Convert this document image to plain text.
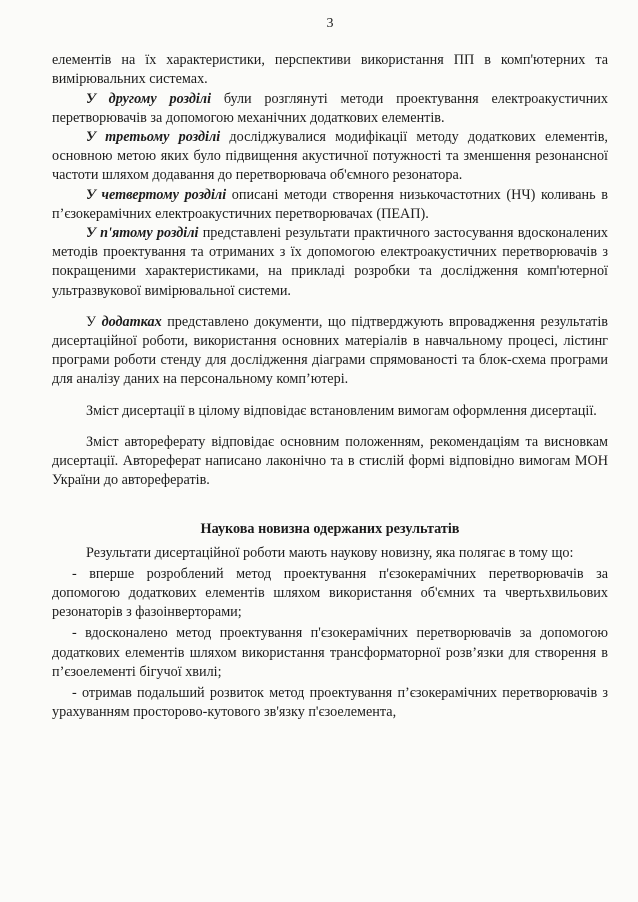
3

елементів на їх характеристики, перспективи використання ПП в комп'ютерних та вимірювальних системах.

У другому розділі були розглянуті методи проектування електроакустичних перетворювачів за допомогою механічних додаткових елементів.

У третьому розділі досліджувалися модифікації методу додаткових елементів, основною метою яких було підвищення акустичної потужності та зменшення резонансної частоти шляхом додавання до перетворювача об'ємного резонатора.

У четвертому розділі описані методи створення низькочастотних (НЧ) коливань в п’єзокерамічних електроакустичних перетворювачах (ПЕАП).

У п'ятому розділі представлені результати практичного застосування вдосконалених методів проектування та отриманих з їх допомогою електроакустичних перетворювачів з покращеними характеристиками, на прикладі розробки та дослідження комп'ютерної ультразвукової вимірювальної системи.

У додатках представлено документи, що підтверджують впровадження результатів дисертаційної роботи, використання основних матеріалів в навчальному процесі, лістинг програми роботи стенду для дослідження діаграми спрямованості та блок-схема програми для аналізу даних на персональному комп’ютері.

Зміст дисертації в цілому відповідає встановленим вимогам оформлення дисертації.

Зміст автореферату відповідає основним положенням, рекомендаціям та висновкам дисертації. Автореферат написано лаконічно та в стислій формі відповідно вимогам МОН України до авторефератів.

Наукова новизна одержаних результатів

Результати дисертаційної роботи мають наукову новизну, яка полягає в тому що:

- вперше розроблений метод проектування п'єзокерамічних перетворювачів за допомогою додаткових елементів шляхом використання об'ємних та чвертьхвильових резонаторів з фазоінверторами;

- вдосконалено метод проектування п'єзокерамічних перетворювачів за допомогою додаткових елементів шляхом використання трансформаторної розв’язки для створення в п’єзоелементі бігучої хвилі;

- отримав подальший розвиток метод проектування п’єзокерамічних перетворювачів з урахуванням просторово-кутового зв'язку п'єзоелемента,
